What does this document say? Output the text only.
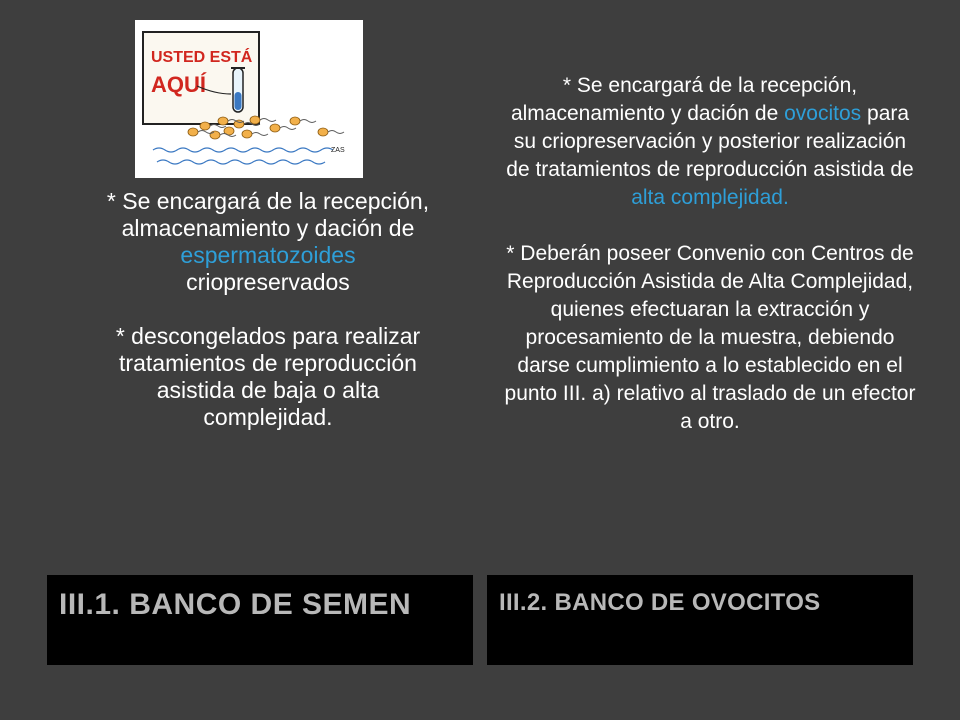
USTED ESTÁ
AQUÍ
ZAS

* Se encargará de la recepción, almacenamiento y dación de espermatozoides criopreservados

* descongelados para realizar tratamientos de reproducción asistida de baja o alta complejidad.

* Se encargará de la recepción, almacenamiento y dación de ovocitos para su criopreservación y posterior realización de tratamientos de reproducción asistida de alta complejidad.

* Deberán poseer Convenio con Centros de Reproducción Asistida de Alta Complejidad, quienes efectuaran la extracción y procesamiento de la muestra, debiendo darse cumplimiento a lo establecido en el punto III. a) relativo al traslado de un efector a otro.

III.1. BANCO DE SEMEN	III.2. BANCO DE OVOCITOS
